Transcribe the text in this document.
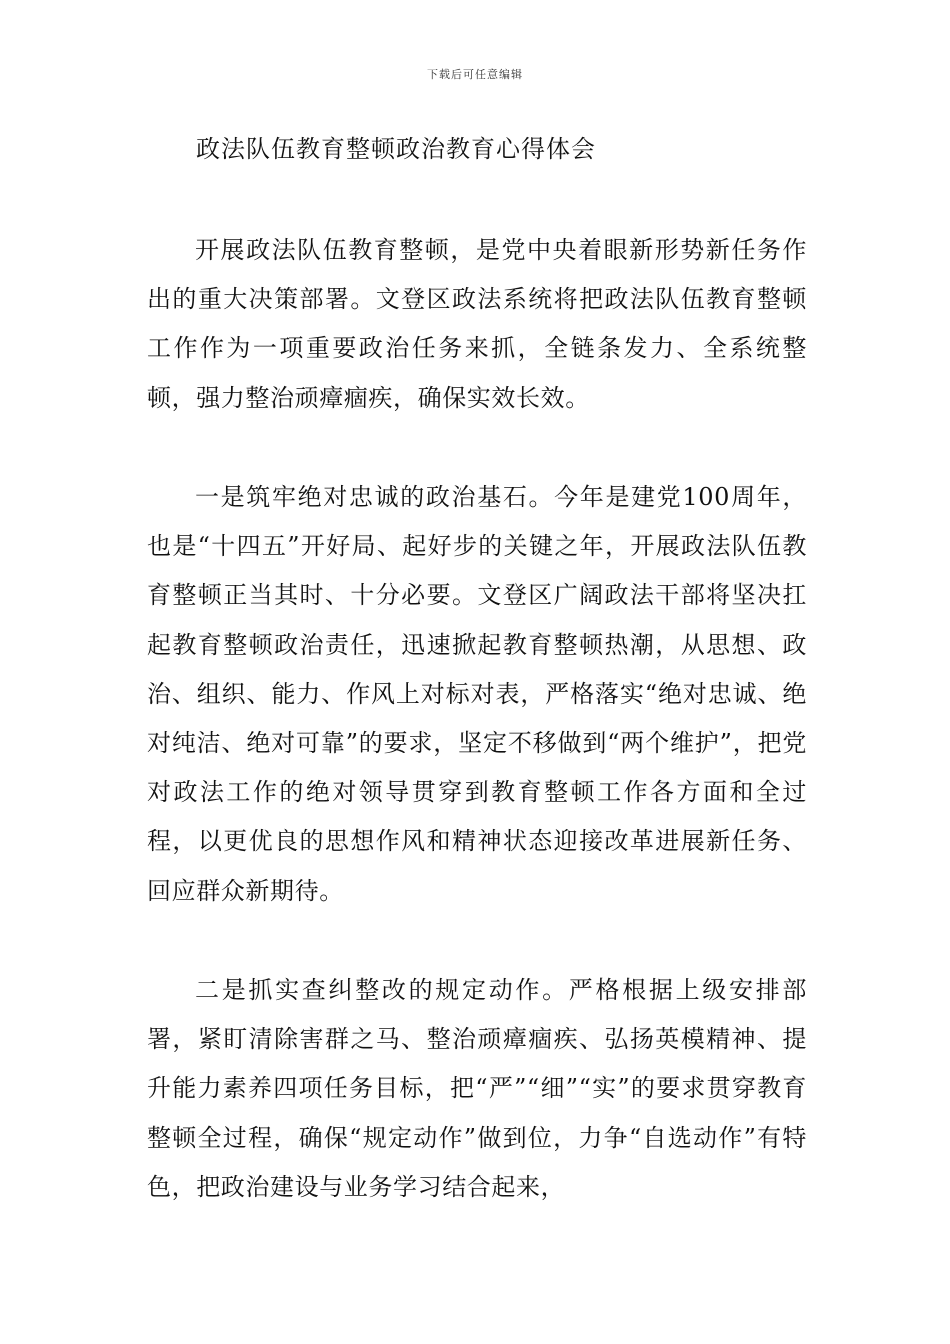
下载后可任意编辑
政法队伍教育整顿政治教育心得体会

开展政法队伍教育整顿，是党中央着眼新形势新任务作出的重大决策部署。文登区政法系统将把政法队伍教育整顿工作作为一项重要政治任务来抓，全链条发力、全系统整顿，强力整治顽瘴痼疾，确保实效长效。

一是筑牢绝对忠诚的政治基石。今年是建党100周年，也是“十四五”开好局、起好步的关键之年，开展政法队伍教育整顿正当其时、十分必要。文登区广阔政法干部将坚决扛起教育整顿政治责任，迅速掀起教育整顿热潮，从思想、政治、组织、能力、作风上对标对表，严格落实“绝对忠诚、绝对纯洁、绝对可靠”的要求，坚定不移做到“两个维护”，把党对政法工作的绝对领导贯穿到教育整顿工作各方面和全过程，以更优良的思想作风和精神状态迎接改革进展新任务、回应群众新期待。

二是抓实查纠整改的规定动作。严格根据上级安排部署，紧盯清除害群之马、整治顽瘴痼疾、弘扬英模精神、提升能力素养四项任务目标，把“严”“细”“实”的要求贯穿教育整顿全过程，确保“规定动作”做到位，力争“自选动作”有特色，把政治建设与业务学习结合起来，
